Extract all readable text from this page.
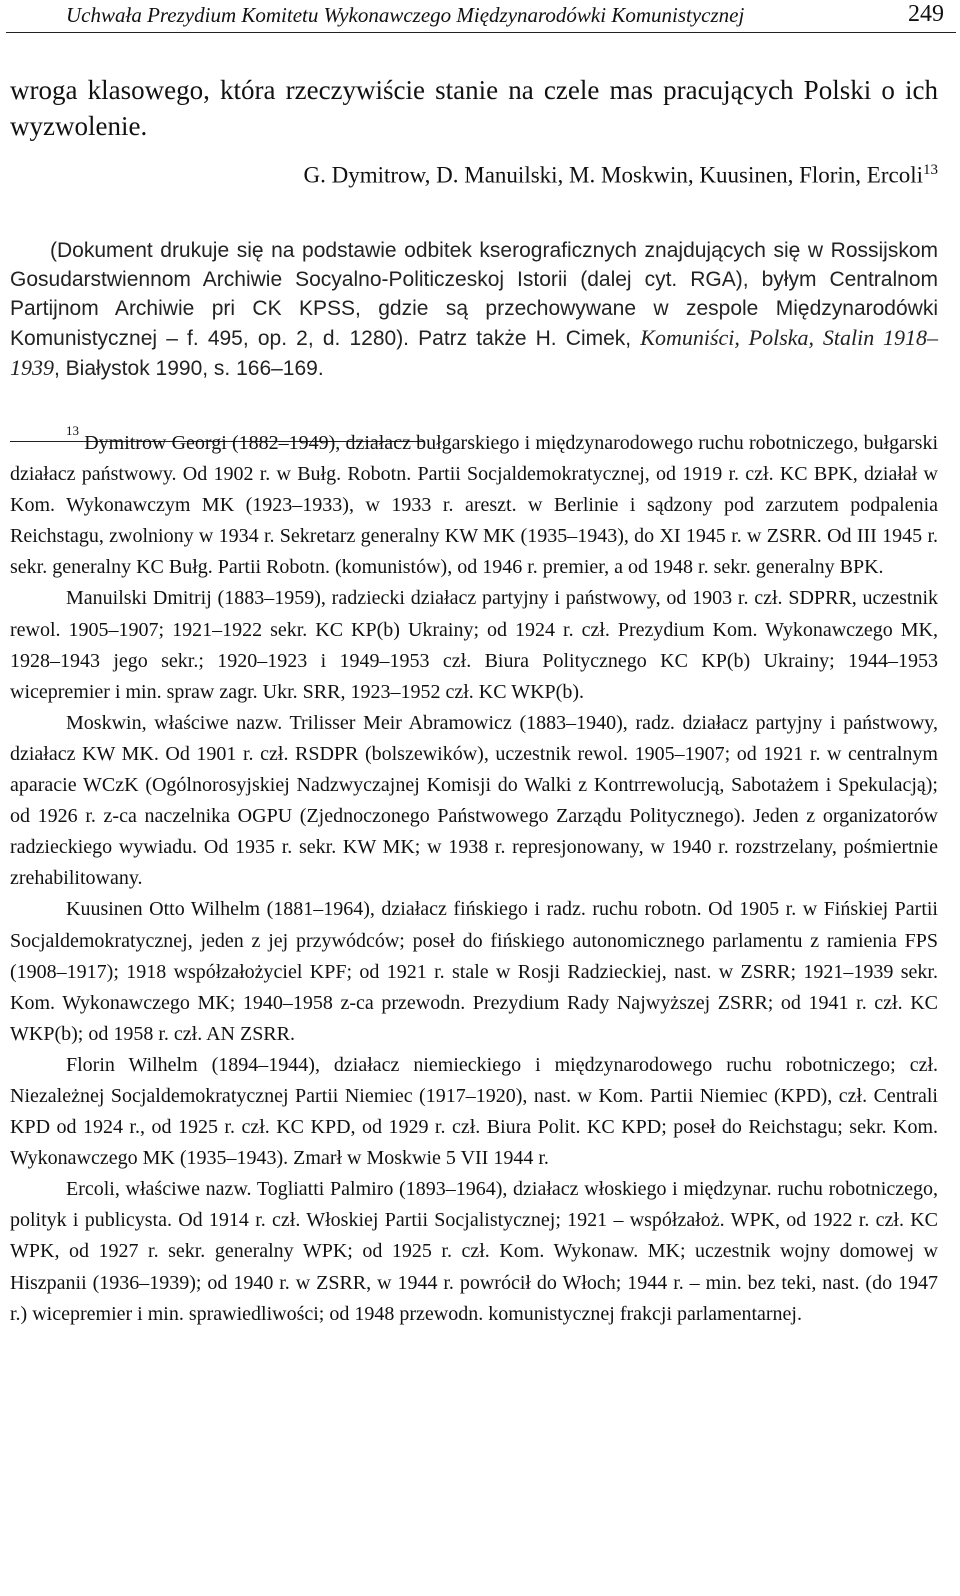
Uchwała Prezydium Komitetu Wykonawczego Międzynarodówki Komunistycznej	249

wroga klasowego, która rzeczywiście stanie na czele mas pracujących Polski o ich wyzwolenie.

G. Dymitrow, D. Manuilski, M. Moskwin, Kuusinen, Florin, Ercoli$^{13}$

(Dokument drukuje się na podstawie odbitek kserograficznych znajdujących się w Rossijskom Gosudarstwiennom Archiwie Socyalno-Politiczeskoj Istorii (dalej cyt. RGA), byłym Centralnom Partijnom Archiwie pri CK KPSS, gdzie są przechowywane w zespole Międzynarodówki Komunistycznej – f. 495, op. 2, d. 1280). Patrz także H. Cimek, Komuniści, Polska, Stalin 1918–1939, Białystok 1990, s. 166–169.

$^{13}$ Dymitrow Georgi (1882–1949), działacz bułgarskiego i międzynarodowego ruchu robotniczego, bułgarski działacz państwowy. Od 1902 r. w Bułg. Robotn. Partii Socjaldemokratycznej, od 1919 r. czł. KC BPK, działał w Kom. Wykonawczym MK (1923–1933), w 1933 r. areszt. w Berlinie i sądzony pod zarzutem podpalenia Reichstagu, zwolniony w 1934 r. Sekretarz generalny KW MK (1935–1943), do XI 1945 r. w ZSRR. Od III 1945 r. sekr. generalny KC Bułg. Partii Robotn. (komunistów), od 1946 r. premier, a od 1948 r. sekr. generalny BPK.

Manuilski Dmitrij (1883–1959), radziecki działacz partyjny i państwowy, od 1903 r. czł. SDPRR, uczestnik rewol. 1905–1907; 1921–1922 sekr. KC KP(b) Ukrainy; od 1924 r. czł. Prezydium Kom. Wykonawczego MK, 1928–1943 jego sekr.; 1920–1923 i 1949–1953 czł. Biura Politycznego KC KP(b) Ukrainy; 1944–1953 wicepremier i min. spraw zagr. Ukr. SRR, 1923–1952 czł. KC WKP(b).

Moskwin, właściwe nazw. Trilisser Meir Abramowicz (1883–1940), radz. działacz partyjny i państwowy, działacz KW MK. Od 1901 r. czł. RSDPR (bolszewików), uczestnik rewol. 1905–1907; od 1921 r. w centralnym aparacie WCzK (Ogólnorosyjskiej Nadzwyczajnej Komisji do Walki z Kontrrewolucją, Sabotażem i Spekulacją); od 1926 r. z-ca naczelnika OGPU (Zjednoczonego Państwowego Zarządu Politycznego). Jeden z organizatorów radzieckiego wywiadu. Od 1935 r. sekr. KW MK; w 1938 r. represjonowany, w 1940 r. rozstrzelany, pośmiertnie zrehabilitowany.

Kuusinen Otto Wilhelm (1881–1964), działacz fińskiego i radz. ruchu robotn. Od 1905 r. w Fińskiej Partii Socjaldemokratycznej, jeden z jej przywódców; poseł do fińskiego autonomicznego parlamentu z ramienia FPS (1908–1917); 1918 współzałożyciel KPF; od 1921 r. stale w Rosji Radzieckiej, nast. w ZSRR; 1921–1939 sekr. Kom. Wykonawczego MK; 1940–1958 z-ca przewodn. Prezydium Rady Najwyższej ZSRR; od 1941 r. czł. KC WKP(b); od 1958 r. czł. AN ZSRR.

Florin Wilhelm (1894–1944), działacz niemieckiego i międzynarodowego ruchu robotniczego; czł. Niezależnej Socjaldemokratycznej Partii Niemiec (1917–1920), nast. w Kom. Partii Niemiec (KPD), czł. Centrali KPD od 1924 r., od 1925 r. czł. KC KPD, od 1929 r. czł. Biura Polit. KC KPD; poseł do Reichstagu; sekr. Kom. Wykonawczego MK (1935–1943). Zmarł w Moskwie 5 VII 1944 r.

Ercoli, właściwe nazw. Togliatti Palmiro (1893–1964), działacz włoskiego i międzynar. ruchu robotniczego, polityk i publicysta. Od 1914 r. czł. Włoskiej Partii Socjalistycznej; 1921 – współzałoż. WPK, od 1922 r. czł. KC WPK, od 1927 r. sekr. generalny WPK; od 1925 r. czł. Kom. Wykonaw. MK; uczestnik wojny domowej w Hiszpanii (1936–1939); od 1940 r. w ZSRR, w 1944 r. powrócił do Włoch; 1944 r. – min. bez teki, nast. (do 1947 r.) wicepremier i min. sprawiedliwości; od 1948 przewodn. komunistycznej frakcji parlamentarnej.
